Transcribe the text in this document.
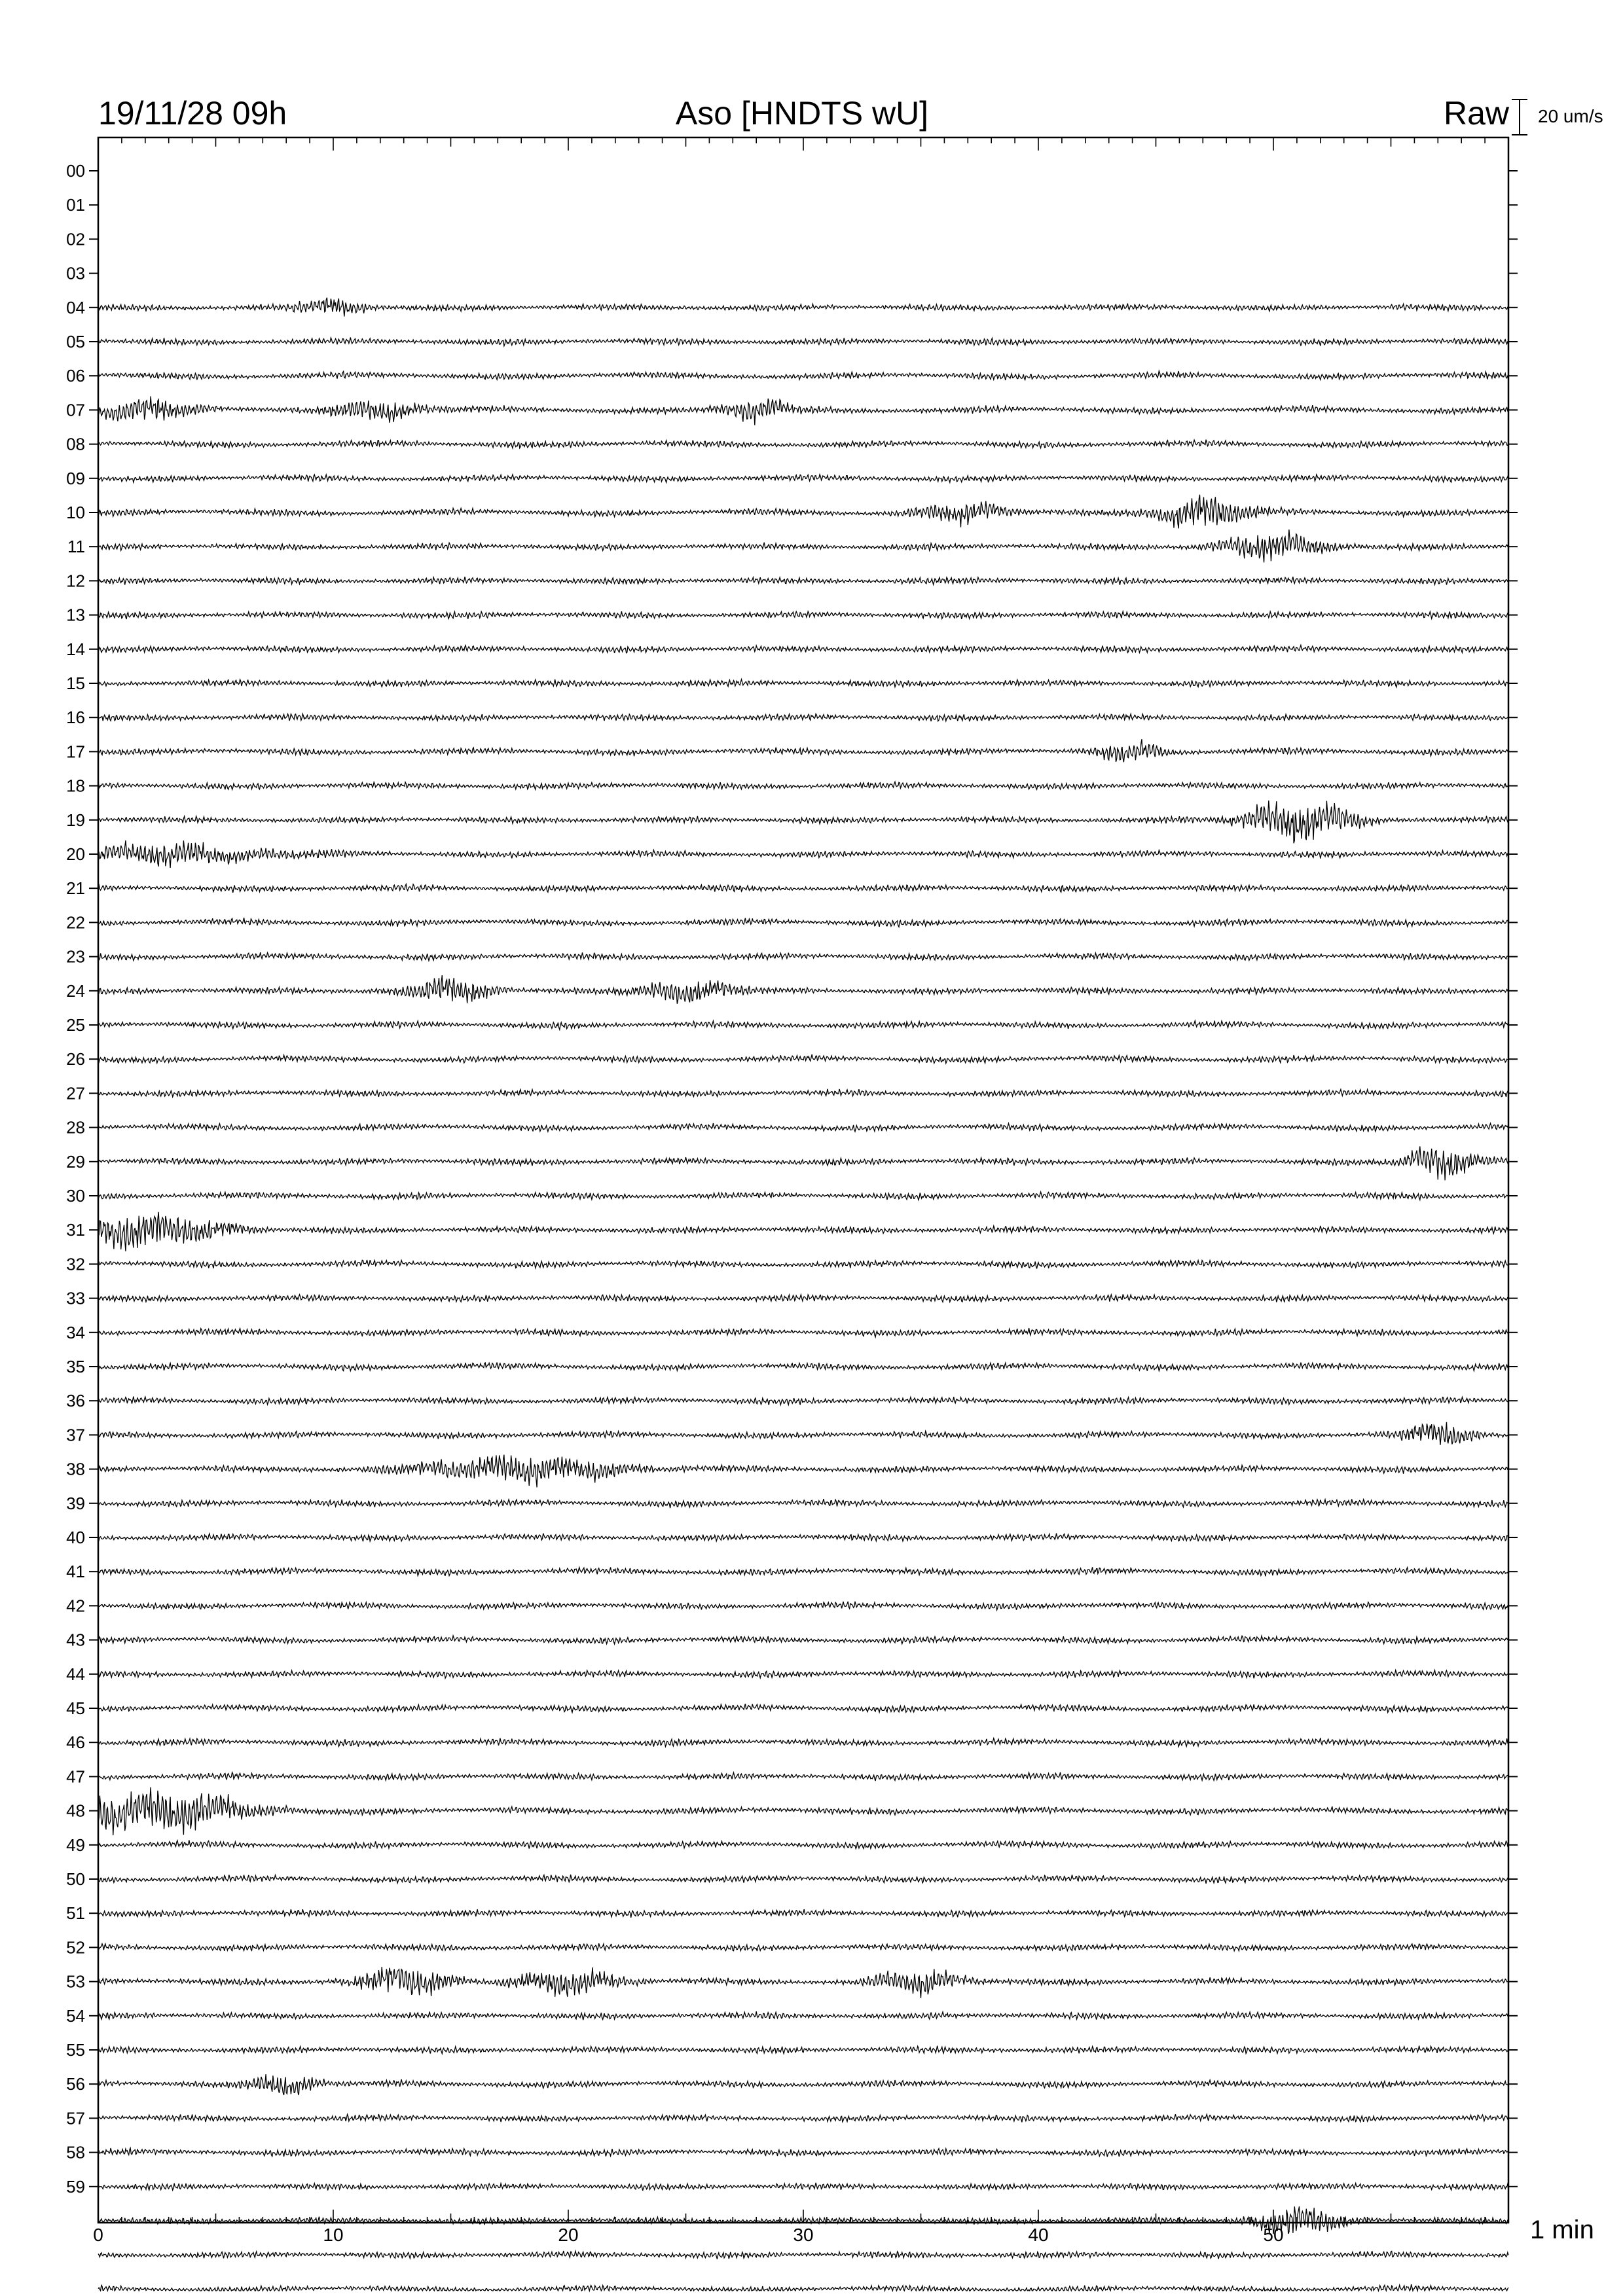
19/11/28 09h	Aso [HNDTS wU]	Raw 20 um/s
00
01
02
03
04
05
06
07
08
09
10
11
12
13
14
15
16
17
18
19
20
21
22
23
24
25
26
27
28
29
30
31
32
33
34
35
36
37
38
39
40
41
42
43
44
45
46
47
48
49
50
51
52
53
54
55
56
57
58
59
0	10	20	30	40	50	1 min
